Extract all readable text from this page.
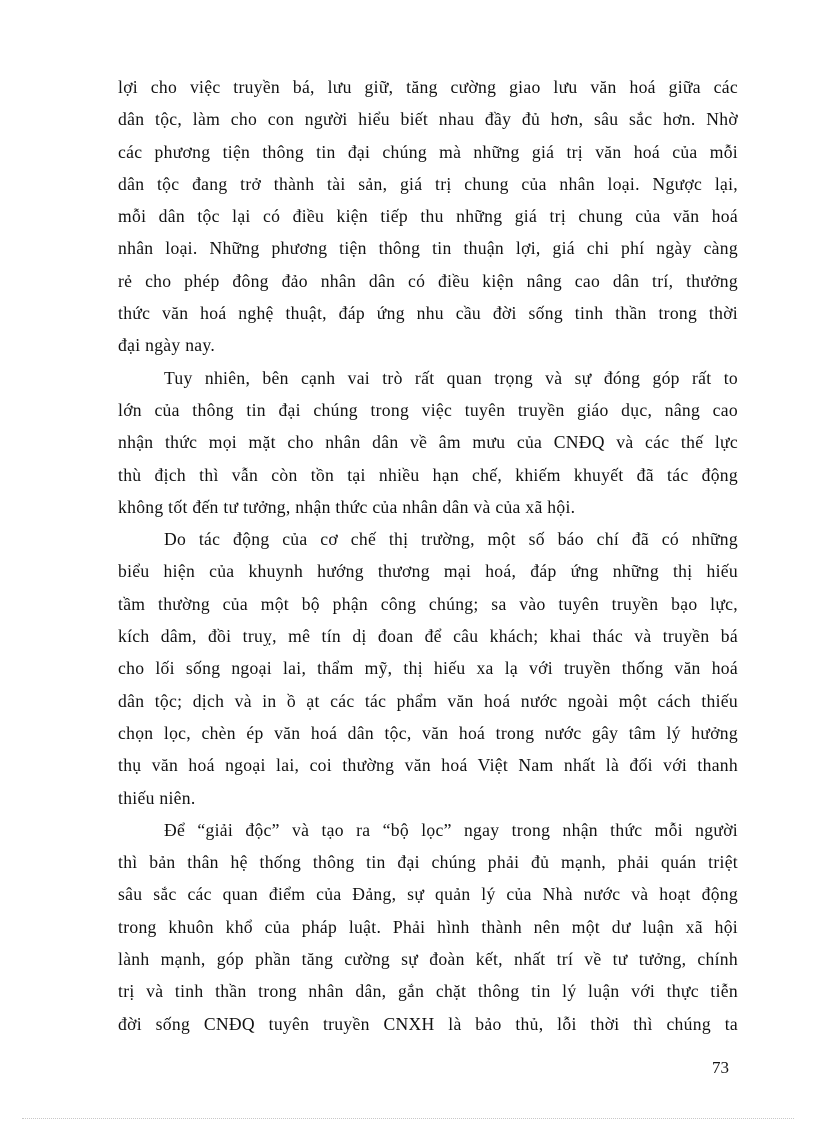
lợi cho việc truyền bá, lưu giữ, tăng cường giao lưu văn hoá giữa các
dân tộc, làm cho con người hiểu biết nhau đầy đủ hơn, sâu sắc hơn. Nhờ
các phương tiện thông tin đại chúng mà những giá trị văn hoá của mỗi
dân tộc đang trở thành tài sản, giá trị chung của nhân loại. Ngược lại,
mỗi dân tộc lại có điều kiện tiếp thu những giá trị chung của văn hoá
nhân loại. Những phương tiện thông tin thuận lợi, giá chi phí ngày càng
rẻ cho phép đông đảo nhân dân có điều kiện nâng cao dân trí, thưởng
thức văn hoá nghệ thuật, đáp ứng nhu cầu đời sống tinh thần trong thời
đại ngày nay.
Tuy nhiên, bên cạnh vai trò rất quan trọng và sự đóng góp rất to
lớn của thông tin đại chúng trong việc tuyên truyền giáo dục, nâng cao
nhận thức mọi mặt cho nhân dân về âm mưu của CNĐQ và các thế lực
thù địch thì vẫn còn tồn tại nhiều hạn chế, khiếm khuyết đã tác động
không tốt đến tư tưởng, nhận thức của nhân dân và của xã hội.
Do tác động của cơ chế thị trường, một số báo chí đã có những
biểu hiện của khuynh hướng thương mại hoá, đáp ứng những thị hiếu
tầm thường của một bộ phận công chúng; sa vào tuyên truyền bạo lực,
kích dâm, đồi truỵ, mê tín dị đoan để câu khách; khai thác và truyền bá
cho lối sống ngoại lai, thẩm mỹ, thị hiếu xa lạ với truyền thống văn hoá
dân tộc; dịch và in ồ ạt các tác phẩm văn hoá nước ngoài một cách thiếu
chọn lọc, chèn ép văn hoá dân tộc, văn hoá trong nước gây tâm lý hưởng
thụ văn hoá ngoại lai, coi thường văn hoá Việt Nam nhất là đối với thanh
thiếu niên.
Để “giải độc” và tạo ra “bộ lọc” ngay trong nhận thức mỗi người
thì bản thân hệ thống thông tin đại chúng phải đủ mạnh, phải quán triệt
sâu sắc các quan điểm của Đảng, sự quản lý của Nhà nước và hoạt động
trong khuôn khổ của pháp luật. Phải hình thành nên một dư luận xã hội
lành mạnh, góp phần tăng cường sự đoàn kết, nhất trí về tư tưởng, chính
trị và tinh thần trong nhân dân, gắn chặt thông tin lý luận với thực tiễn
đời sống CNĐQ tuyên truyền CNXH là bảo thủ, lỗi thời thì chúng ta
73
